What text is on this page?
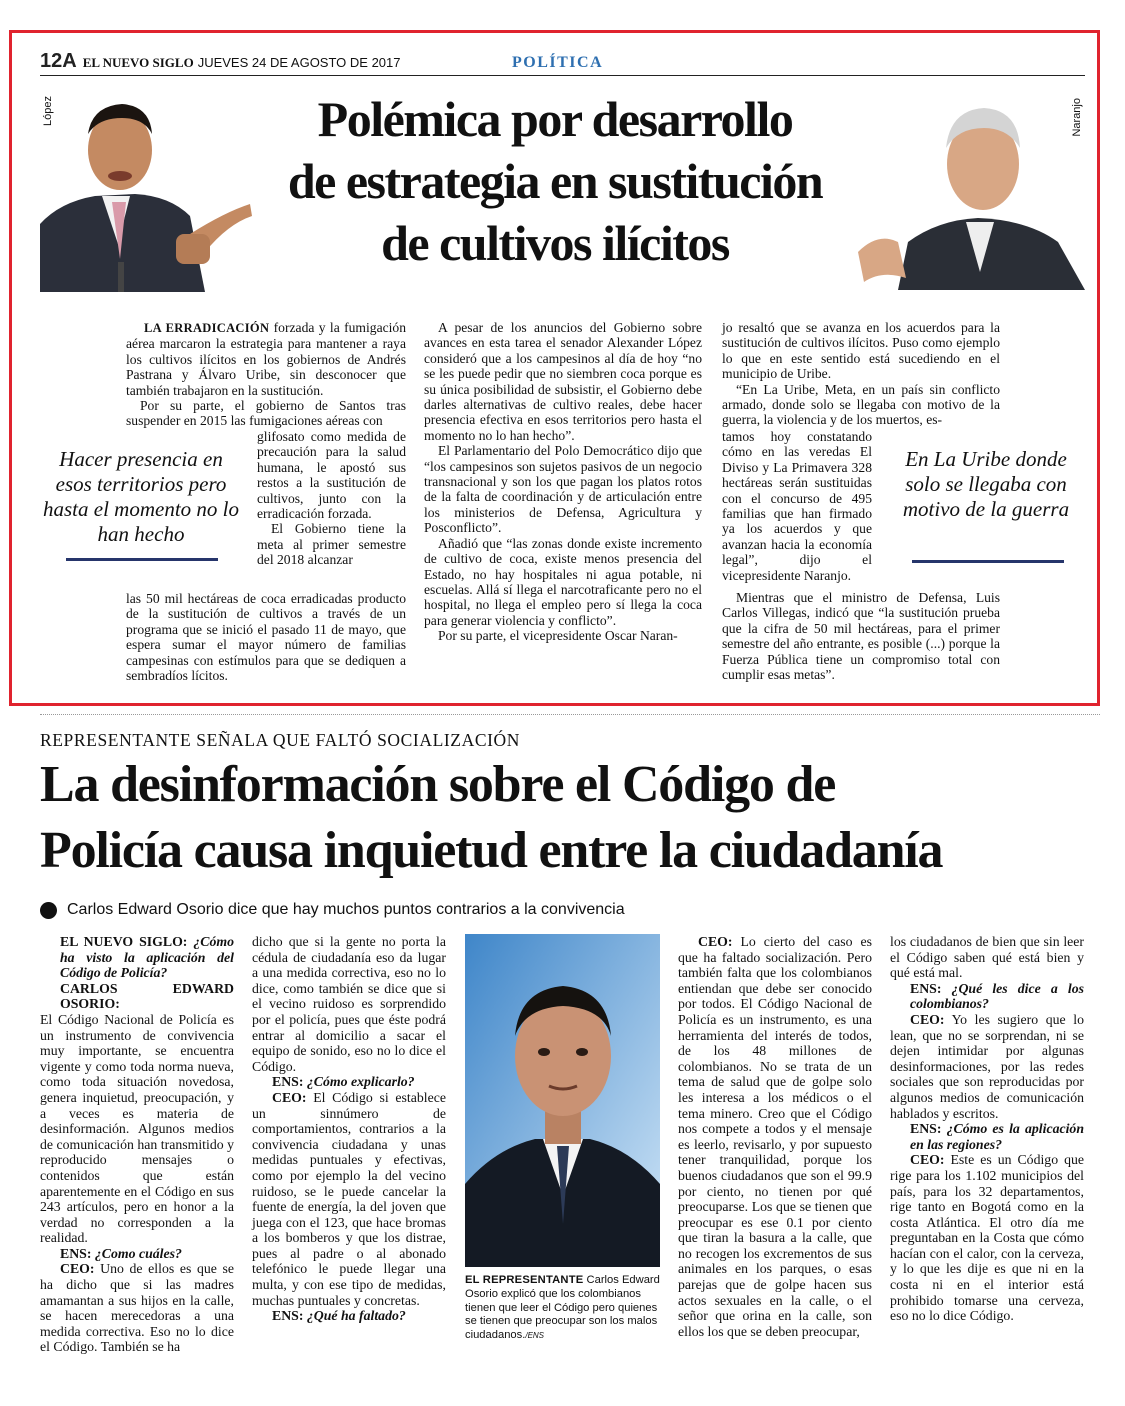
12A EL NUEVO SIGLO JUEVES 24 DE AGOSTO DE 2017	POLÍTICA
López	Naranjo
Polémica por desarrollo
de estrategia en sustitución
de cultivos ilícitos

LA ERRADICACIÓN forzada y la fumigación aérea marcaron la estrategia para mantener a raya los cultivos ilícitos en los gobiernos de Andrés Pastrana y Álvaro Uribe, sin desconocer que también trabajaron en la sustitución.

Por su parte, el gobierno de Santos tras suspender en 2015 las fumigaciones aéreas con

glifosato como medida de precaución para la salud humana, le apostó sus restos a la sustitución de cultivos, junto con la erradicación forzada.

El Gobierno tiene la meta al primer semestre del 2018 alcanzar

las 50 mil hectáreas de coca erradicadas producto de la sustitución de cultivos a través de un programa que se inició el pasado 11 de mayo, que espera sumar el mayor número de familias campesinas con estímulos para que se dediquen a sembradíos lícitos.

Hacer presencia en esos territorios pero hasta el momento no lo han hecho

A pesar de los anuncios del Gobierno sobre avances en esta tarea el senador Alexander López consideró que a los campesinos al día de hoy “no se les puede pedir que no siembren coca porque es su única posibilidad de subsistir, el Gobierno debe darles alternativas de cultivo reales, debe hacer presencia efectiva en esos territorios pero hasta el momento no lo han hecho”.

El Parlamentario del Polo Democrático dijo que “los campesinos son sujetos pasivos de un negocio transnacional y son los que pagan los platos rotos de la falta de coordinación y de articulación entre los ministerios de Defensa, Agricultura y Posconflicto”.

Añadió que “las zonas donde existe incremento de cultivo de coca, existe menos presencia del Estado, no hay hospitales ni agua potable, ni escuelas. Allá sí llega el narcotraficante pero no el hospital, no llega el empleo pero sí llega la coca para generar violencia y conflicto”.

Por su parte, el vicepresidente Oscar Naran-

jo resaltó que se avanza en los acuerdos para la sustitución de cultivos ilícitos. Puso como ejemplo lo que en este sentido está sucediendo en el municipio de Uribe.

“En La Uribe, Meta, en un país sin conflicto armado, donde solo se llegaba con motivo de la guerra, la violencia y de los muertos, es-

tamos hoy constatando cómo en las veredas El Diviso y La Primavera 328 hectáreas serán sustituidas con el concurso de 495 familias que han firmado ya los acuerdos y que avanzan hacia la economía legal”, dijo el vicepresidente Naranjo.

Mientras que el ministro de Defensa, Luis Carlos Villegas, indicó que “la sustitución prueba que la cifra de 50 mil hectáreas, para el primer semestre del año entrante, es posible (...) porque la Fuerza Pública tiene un compromiso total con cumplir esas metas”.

En La Uribe donde solo se llegaba con motivo de la guerra
REPRESENTANTE SEÑALA QUE FALTÓ SOCIALIZACIÓN
La desinformación sobre el Código de
Policía causa inquietud entre la ciudadanía
Carlos Edward Osorio dice que hay muchos puntos contrarios a la convivencia

EL NUEVO SIGLO: ¿Cómo ha visto la aplicación del Código de Policía?

CARLOS EDWARD OSORIO:

El Código Nacional de Policía es un instrumento de convivencia muy importante, se encuentra vigente y como toda norma nueva, como toda situación novedosa, genera inquietud, preocupación, y a veces es materia de desinformación. Algunos medios de comunicación han transmitido y reproducido mensajes o contenidos que están aparentemente en el Código en sus 243 artículos, pero en honor a la verdad no corresponden a la realidad.

ENS: ¿Como cuáles?

CEO: Uno de ellos es que se ha dicho que si las madres amamantan a sus hijos en la calle, se hacen merecedoras a una medida correctiva. Eso no lo dice el Código. También se ha

dicho que si la gente no porta la cédula de ciudadanía eso da lugar a una medida correctiva, eso no lo dice, como también se dice que si el vecino ruidoso es sorprendido por el policía, pues que éste podrá entrar al domicilio a sacar el equipo de sonido, eso no lo dice el Código.

ENS: ¿Cómo explicarlo?

CEO: El Código si establece un sinnúmero de comportamientos, contrarios a la convivencia ciudadana y unas medidas puntuales y efectivas, como por ejemplo la del vecino ruidoso, se le puede cancelar la fuente de energía, la del joven que juega con el 123, que hace bromas a los bomberos y que los distrae, pues al padre o al abonado telefónico le puede llegar una multa, y con ese tipo de medidas, muchas puntuales y concretas.

ENS: ¿Qué ha faltado?

EL REPRESENTANTE Carlos Edward Osorio explicó que los colombianos tienen que leer el Código pero quienes se tienen que preocupar son los malos ciudadanos./ENS

CEO: Lo cierto del caso es que ha faltado socialización. Pero también falta que los colombianos entiendan que debe ser conocido por todos. El Código Nacional de Policía es un instrumento, es una herramienta del interés de todos, de los 48 millones de colombianos. No se trata de un tema de salud que de golpe solo les interesa a los médicos o el tema minero. Creo que el Código nos compete a todos y el mensaje es leerlo, revisarlo, y por supuesto tener tranquilidad, porque los buenos ciudadanos que son el 99.9 por ciento, no tienen por qué preocuparse. Los que se tienen que preocupar es ese 0.1 por ciento que tiran la basura a la calle, que no recogen los excrementos de sus animales en los parques, o esas parejas que de golpe hacen sus actos sexuales en la calle, o el señor que orina en la calle, son ellos los que se deben preocupar,

los ciudadanos de bien que sin leer el Código saben qué está bien y qué está mal.

ENS: ¿Qué les dice a los colombianos?

CEO: Yo les sugiero que lo lean, que no se sorprendan, ni se dejen intimidar por algunas desinformaciones, por las redes sociales que son reproducidas por algunos medios de comunicación hablados y escritos.

ENS: ¿Cómo es la aplicación en las regiones?

CEO: Este es un Código que rige para los 1.102 municipios del país, para los 32 departamentos, rige tanto en Bogotá como en la costa Atlántica. El otro día me preguntaban en la Costa que cómo hacían con el calor, con la cerveza, y lo que les dije es que ni en la costa ni en el interior está prohibido tomarse una cerveza, eso no lo dice Código.
